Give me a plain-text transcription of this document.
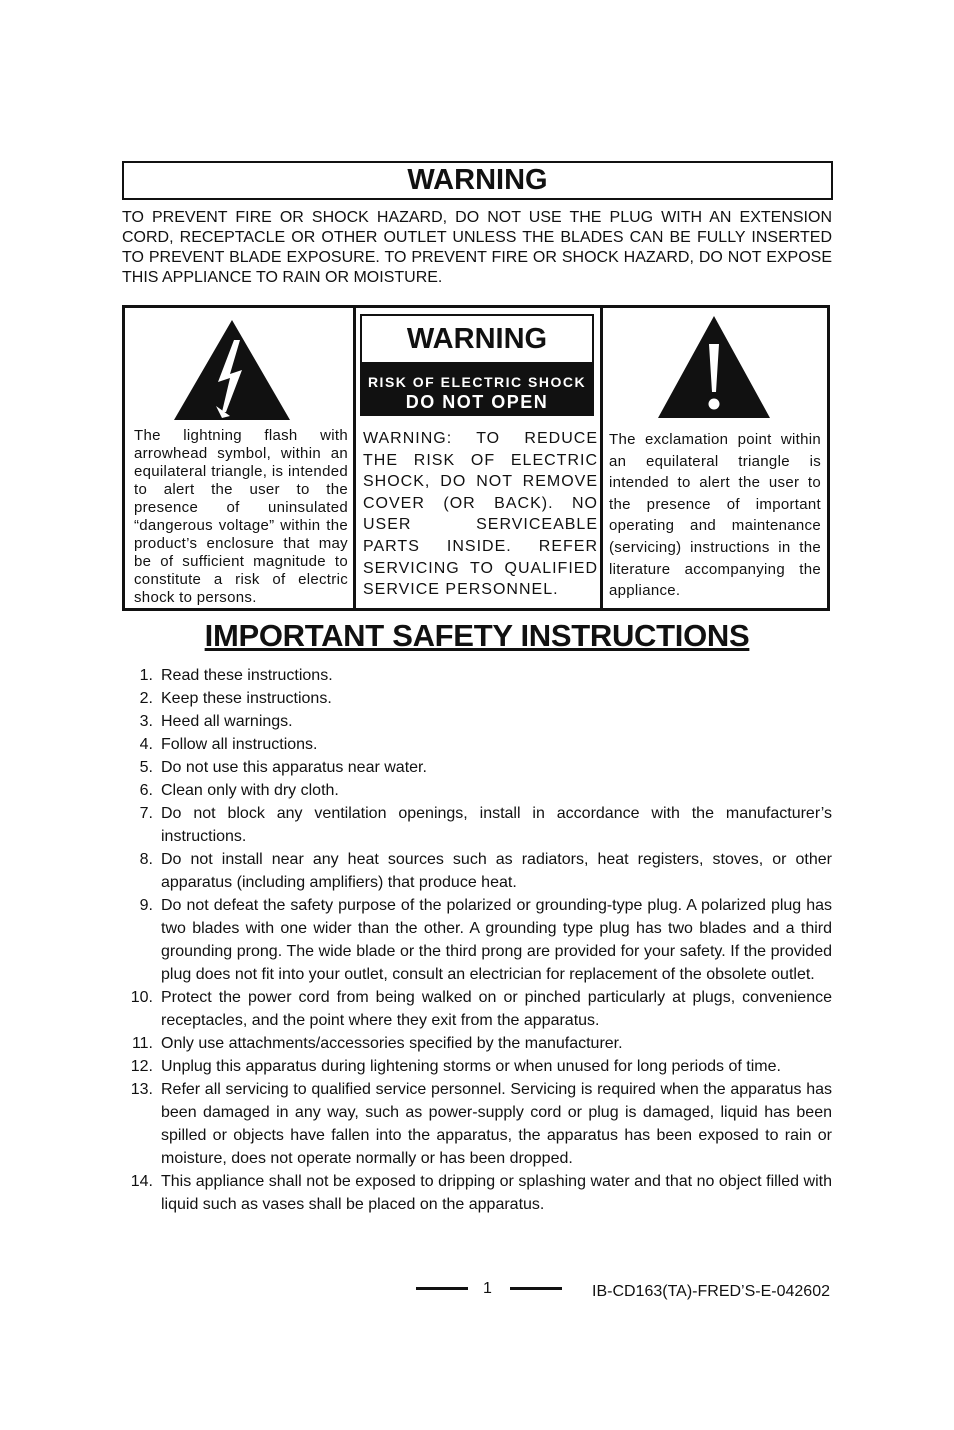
WARNING

TO PREVENT FIRE OR SHOCK HAZARD, DO NOT USE THE PLUG WITH AN EXTENSION CORD, RECEPTACLE OR OTHER OUTLET UNLESS THE BLADES CAN BE FULLY INSERTED TO PREVENT BLADE EXPOSURE. TO PREVENT FIRE OR SHOCK HAZARD, DO NOT EXPOSE THIS APPLIANCE TO RAIN OR MOISTURE.

The lightning flash with arrowhead symbol, within an equilateral triangle, is intended to alert the user to the presence of uninsulated “dangerous voltage” within the product’s enclosure that may be of sufficient magnitude to constitute a risk of electric shock to persons.
WARNING
RISK OF ELECTRIC SHOCK
DO NOT OPEN

WARNING: TO REDUCE THE RISK OF ELECTRIC SHOCK, DO NOT REMOVE COVER (OR BACK). NO USER SERVICEABLE PARTS INSIDE. REFER SERVICING TO QUALIFIED SERVICE PERSONNEL.

The exclamation point within an equilateral triangle is intended to alert the user to the presence of important operating and maintenance (servicing) instructions in the literature accompanying the appliance.
IMPORTANT SAFETY INSTRUCTIONS
1. Read these instructions.
2. Keep these instructions.
3. Heed all warnings.
4. Follow all instructions.
5. Do not use this apparatus near water.
6. Clean only with dry cloth.
7. Do not block any ventilation openings, install in accordance with the manufacturer’s instructions.
8. Do not install near any heat sources such as radiators, heat registers, stoves, or other apparatus (including amplifiers) that produce heat.
9. Do not defeat the safety purpose of the polarized or grounding-type plug. A polarized plug has two blades with one wider than the other. A grounding type plug has two blades and a third grounding prong. The wide blade or the third prong are provided for your safety. If the provided plug does not fit into your outlet, consult an electrician for replacement of the obsolete outlet.
10. Protect the power cord from being walked on or pinched particularly at plugs, convenience receptacles, and the point where they exit from the apparatus.
11. Only use attachments/accessories specified by the manufacturer.
12. Unplug this apparatus during lightening storms or when unused for long periods of time.
13. Refer all servicing to qualified service personnel. Servicing is required when the apparatus has been damaged in any way, such as power-supply cord or plug is damaged, liquid has been spilled or objects have fallen into the apparatus, the apparatus has been exposed to rain or moisture, does not operate normally or has been dropped.
14. This appliance shall not be exposed to dripping or splashing water and that no object filled with liquid such as vases shall be placed on the apparatus.
1	IB-CD163(TA)-FRED’S-E-042602
